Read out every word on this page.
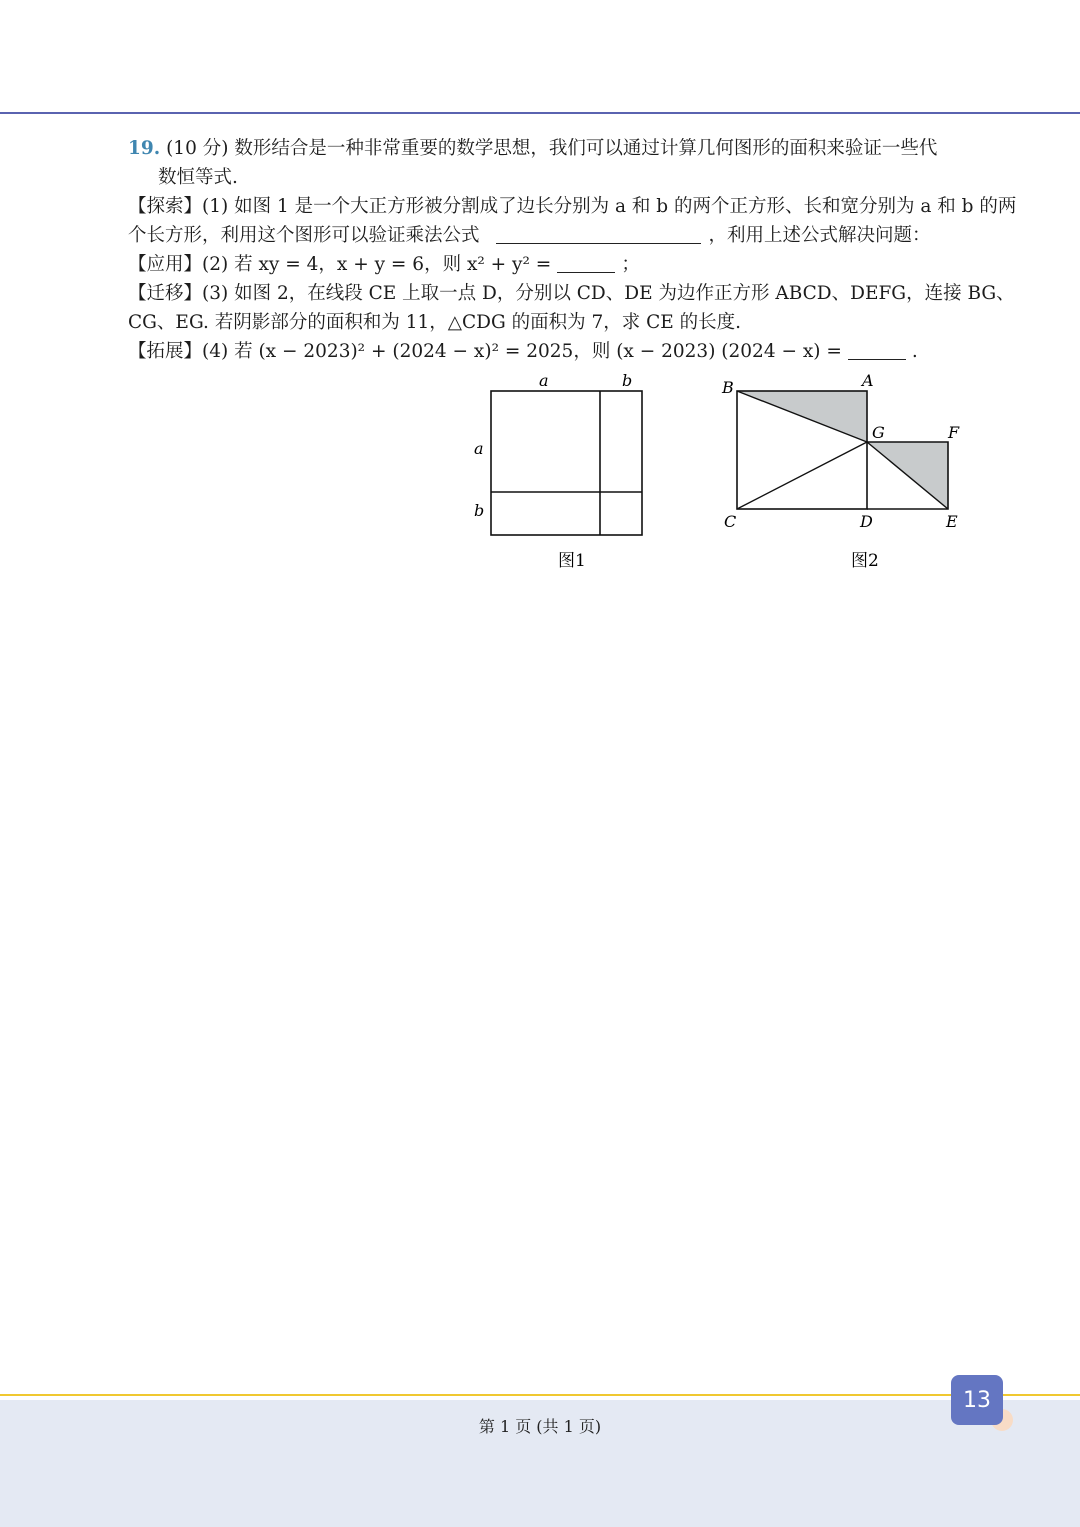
19. (10 分) 数形结合是一种非常重要的数学思想，我们可以通过计算几何图形的面积来验证一些代

数恒等式.

【探索】(1) 如图 1 是一个大正方形被分割成了边长分别为 a 和 b 的两个正方形、长和宽分别为 a 和 b 的两

个长方形，利用这个图形可以验证乘法公式	，利用上述公式解决问题：

【应用】(2) 若 xy = 4，x + y = 6，则 x² + y² =	；

【迁移】(3) 如图 2，在线段 CE 上取一点 D，分别以 CD、DE 为边作正方形 ABCD、DEFG，连接 BG、

CG、EG. 若阴影部分的面积和为 11，△CDG 的面积为 7，求 CE 的长度.

【拓展】(4) 若 (x − 2023)² + (2024 − x)² = 2025，则 (x − 2023) (2024 − x) =	.

a	b
a
b
图1
B	A
G	F
C	D	E
图2
第 1 页 (共 1 页)
13
